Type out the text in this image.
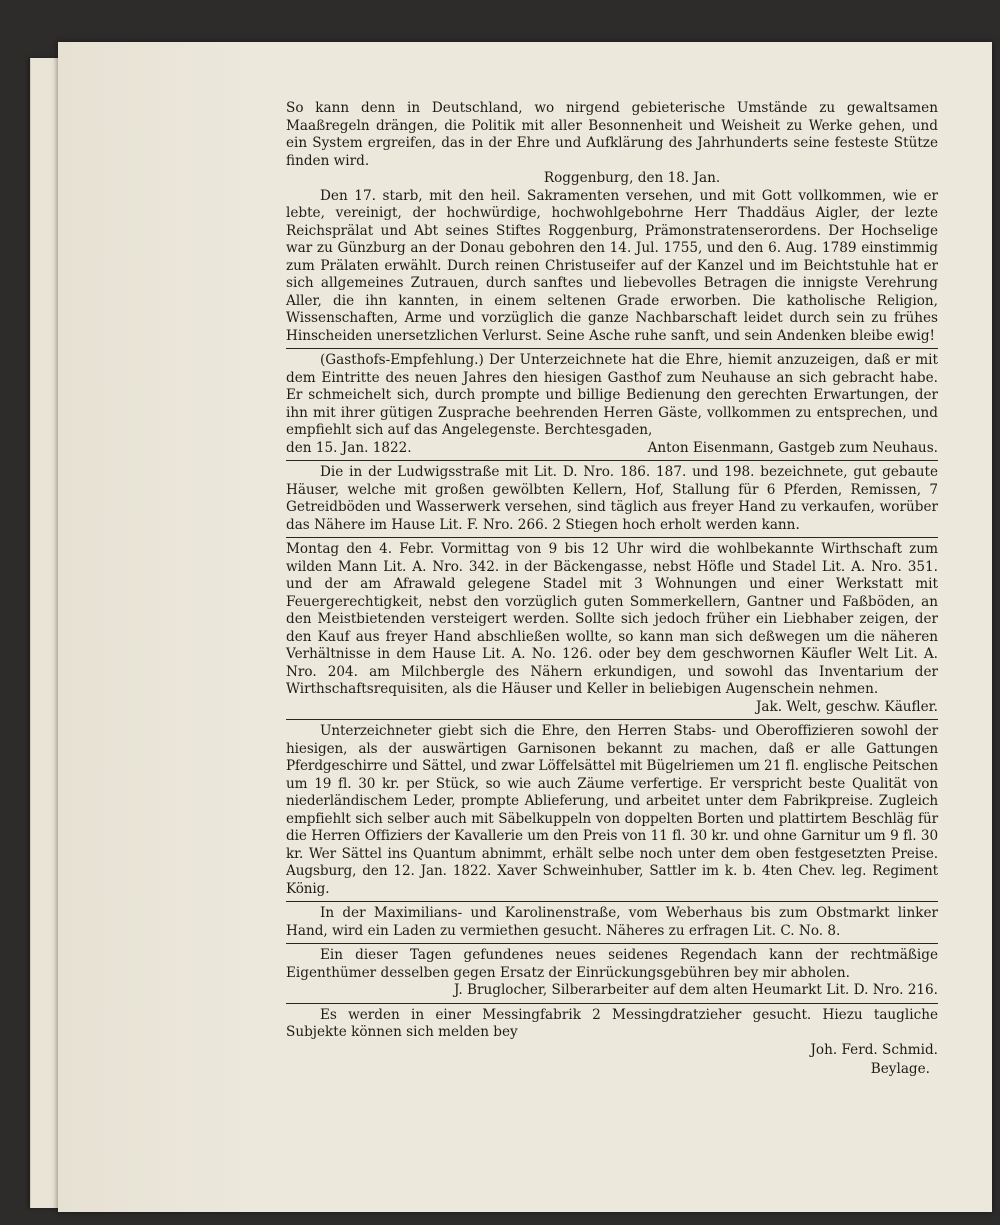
So kann denn in Deutschland, wo nirgend gebieterische Umstände zu gewaltsamen Maaßregeln drängen, die Politik mit aller Besonnenheit und Weisheit zu Werke gehen, und ein System ergreifen, das in der Ehre und Aufklärung des Jahrhunderts seine festeste Stütze finden wird.

Roggenburg, den 18. Jan.

Den 17. starb, mit den heil. Sakramenten versehen, und mit Gott vollkommen, wie er lebte, vereinigt, der hochwürdige, hochwohlgebohrne Herr Thaddäus Aigler, der lezte Reichsprälat und Abt seines Stiftes Roggenburg, Prämonstratenserordens. Der Hochselige war zu Günzburg an der Donau gebohren den 14. Jul. 1755, und den 6. Aug. 1789 einstimmig zum Prälaten erwählt. Durch reinen Christuseifer auf der Kanzel und im Beichtstuhle hat er sich allgemeines Zutrauen, durch sanftes und liebevolles Betragen die innigste Verehrung Aller, die ihn kannten, in einem seltenen Grade erworben. Die katholische Religion, Wissenschaften, Arme und vorzüglich die ganze Nachbarschaft leidet durch sein zu frühes Hinscheiden unersetzlichen Verlurst. Seine Asche ruhe sanft, und sein Andenken bleibe ewig!

(Gasthofs-Empfehlung.) Der Unterzeichnete hat die Ehre, hiemit anzuzeigen, daß er mit dem Eintritte des neuen Jahres den hiesigen Gasthof zum Neuhause an sich gebracht habe. Er schmeichelt sich, durch prompte und billige Bedienung den gerechten Erwartungen, der ihn mit ihrer gütigen Zusprache beehrenden Herren Gäste, vollkommen zu entsprechen, und empfiehlt sich auf das Angelegenste. Berchtesgaden,

den 15. Jan. 1822.	Anton Eisenmann, Gastgeb zum Neuhaus.

Die in der Ludwigsstraße mit Lit. D. Nro. 186. 187. und 198. bezeichnete, gut gebaute Häuser, welche mit großen gewölbten Kellern, Hof, Stallung für 6 Pferden, Remissen, 7 Getreidböden und Wasserwerk versehen, sind täglich aus freyer Hand zu verkaufen, worüber das Nähere im Hause Lit. F. Nro. 266. 2 Stiegen hoch erholt werden kann.

Montag den 4. Febr. Vormittag von 9 bis 12 Uhr wird die wohlbekannte Wirthschaft zum wilden Mann Lit. A. Nro. 342. in der Bäckengasse, nebst Höfle und Stadel Lit. A. Nro. 351. und der am Afrawald gelegene Stadel mit 3 Wohnungen und einer Werkstatt mit Feuergerechtigkeit, nebst den vorzüglich guten Sommerkellern, Gantner und Faßböden, an den Meistbietenden versteigert werden. Sollte sich jedoch früher ein Liebhaber zeigen, der den Kauf aus freyer Hand abschließen wollte, so kann man sich deßwegen um die näheren Verhältnisse in dem Hause Lit. A. No. 126. oder bey dem geschwornen Käufler Welt Lit. A. Nro. 204. am Milchbergle des Nähern erkundigen, und sowohl das Inventarium der Wirthschaftsrequisiten, als die Häuser und Keller in beliebigen Augenschein nehmen.

Jak. Welt, geschw. Käufler.

Unterzeichneter giebt sich die Ehre, den Herren Stabs- und Oberoffizieren sowohl der hiesigen, als der auswärtigen Garnisonen bekannt zu machen, daß er alle Gattungen Pferdgeschirre und Sättel, und zwar Löffelsättel mit Bügelriemen um 21 fl. englische Peitschen um 19 fl. 30 kr. per Stück, so wie auch Zäume verfertige. Er verspricht beste Qualität von niederländischem Leder, prompte Ablieferung, und arbeitet unter dem Fabrikpreise. Zugleich empfiehlt sich selber auch mit Säbelkuppeln von doppelten Borten und plattirtem Beschläg für die Herren Offiziers der Kavallerie um den Preis von 11 fl. 30 kr. und ohne Garnitur um 9 fl. 30 kr. Wer Sättel ins Quantum abnimmt, erhält selbe noch unter dem oben festgesetzten Preise. Augsburg, den 12. Jan. 1822. Xaver Schweinhuber, Sattler im k. b. 4ten Chev. leg. Regiment König.

In der Maximilians- und Karolinenstraße, vom Weberhaus bis zum Obstmarkt linker Hand, wird ein Laden zu vermiethen gesucht. Näheres zu erfragen Lit. C. No. 8.

Ein dieser Tagen gefundenes neues seidenes Regendach kann der rechtmäßige Eigenthümer desselben gegen Ersatz der Einrückungsgebühren bey mir abholen.

J. Bruglocher, Silberarbeiter auf dem alten Heumarkt Lit. D. Nro. 216.

Es werden in einer Messingfabrik 2 Messingdratzieher gesucht. Hiezu taugliche Subjekte können sich melden bey

Joh. Ferd. Schmid.

Beylage.
